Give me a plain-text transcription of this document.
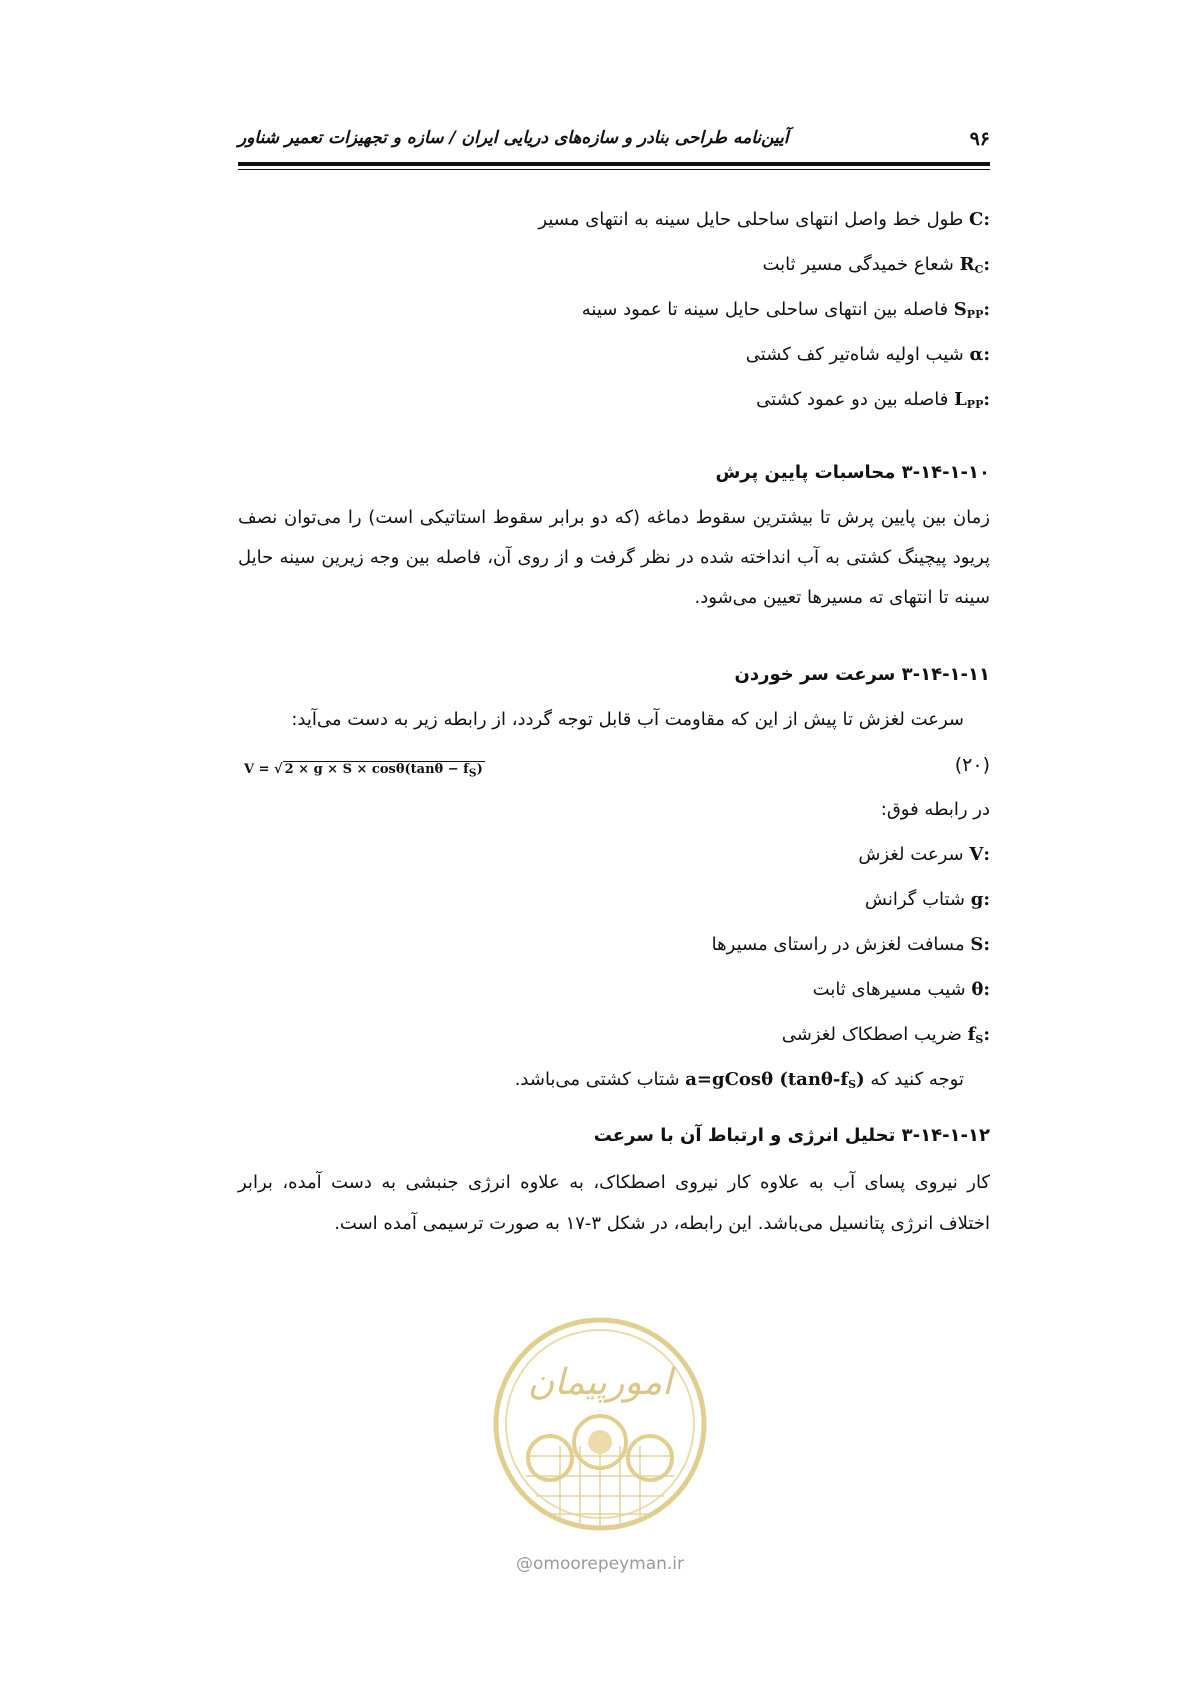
۹۶
آیین‌نامه طراحی بنادر و سازه‌های دریایی ایران / سازه و تجهیزات تعمیر شناور
C: طول خط واصل انتهای ساحلی حایل سینه به انتهای مسیر
$R_C$: شعاع خمیدگی مسیر ثابت
$S_{PP}$: فاصله بین انتهای ساحلی حایل سینه تا عمود سینه
α: شیب اولیه شاه‌تیر کف کشتی
$L_{PP}$: فاصله بین دو عمود کشتی
۳-۱۴-۱-۱۰ محاسبات پایین پرش
زمان بین پایین پرش تا بیشترین سقوط دماغه (که دو برابر سقوط استاتیکی است) را می‌توان نصف
پریود پیچینگ کشتی به آب انداخته شده در نظر گرفت و از روی آن، فاصله بین وجه زیرین سینه حایل
سینه تا انتهای ته مسیرها تعیین می‌شود.
۳-۱۴-۱-۱۱ سرعت سر خوردن
سرعت لغزش تا پیش از این که مقاومت آب قابل توجه گردد، از رابطه زیر به دست می‌آید:
V = √ $2 \times g \times S \times \cos\theta(\tan\theta - f_S)$	(۲۰)
در رابطه فوق:
V: سرعت لغزش
g: شتاب گرانش
S: مسافت لغزش در راستای مسیرها
θ: شیب مسیرهای ثابت
$f_S$: ضریب اصطکاک لغزشی
توجه کنید که a=gCosθ $(\tan\theta-f_S)$ شتاب کشتی می‌باشد.
۳-۱۴-۱-۱۲ تحلیل انرژی و ارتباط آن با سرعت
کار نیروی پسای آب به علاوه کار نیروی اصطکاک، به علاوه انرژی جنبشی به دست آمده، برابر
اختلاف انرژی پتانسیل می‌باشد. این رابطه، در شکل ۳-۱۷ به صورت ترسیمی آمده است.
امورپیمان
@omoorepeyman.ir
